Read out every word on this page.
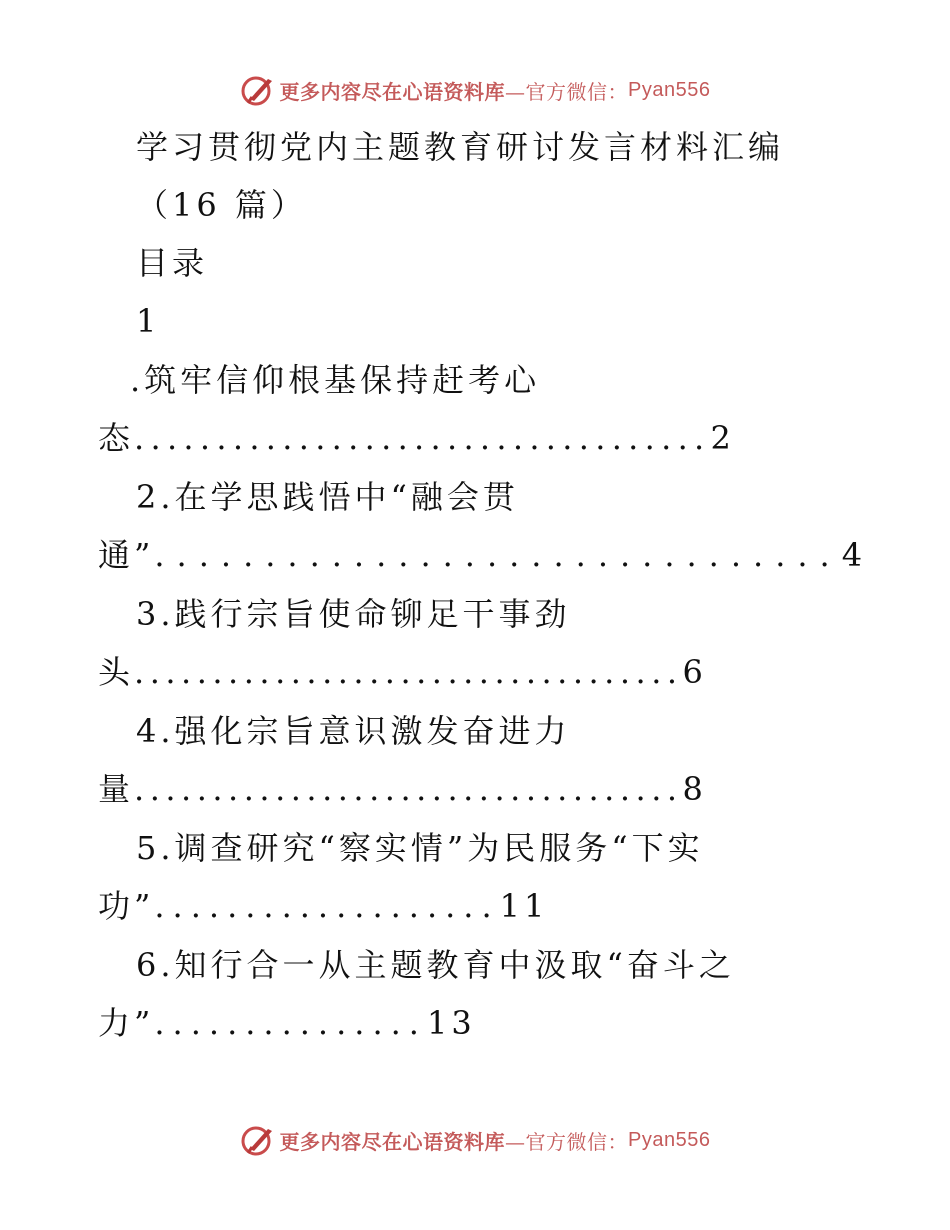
更多内容尽在心语资料库 —官方微信： Pyan556
学习贯彻党内主题教育研讨发言材料汇编
（16 篇）
目录
1
.筑牢信仰根基保持赶考心
态...................................2
2.在学思践悟中“融会贯
通”...............................4
3.践行宗旨使命铆足干事劲
头...................................6
4.强化宗旨意识激发奋进力
量...................................8
5.调查研究“察实情”为民服务“下实
功”...................11
6.知行合一从主题教育中汲取“奋斗之
力”...............13
更多内容尽在心语资料库 —官方微信： Pyan556
